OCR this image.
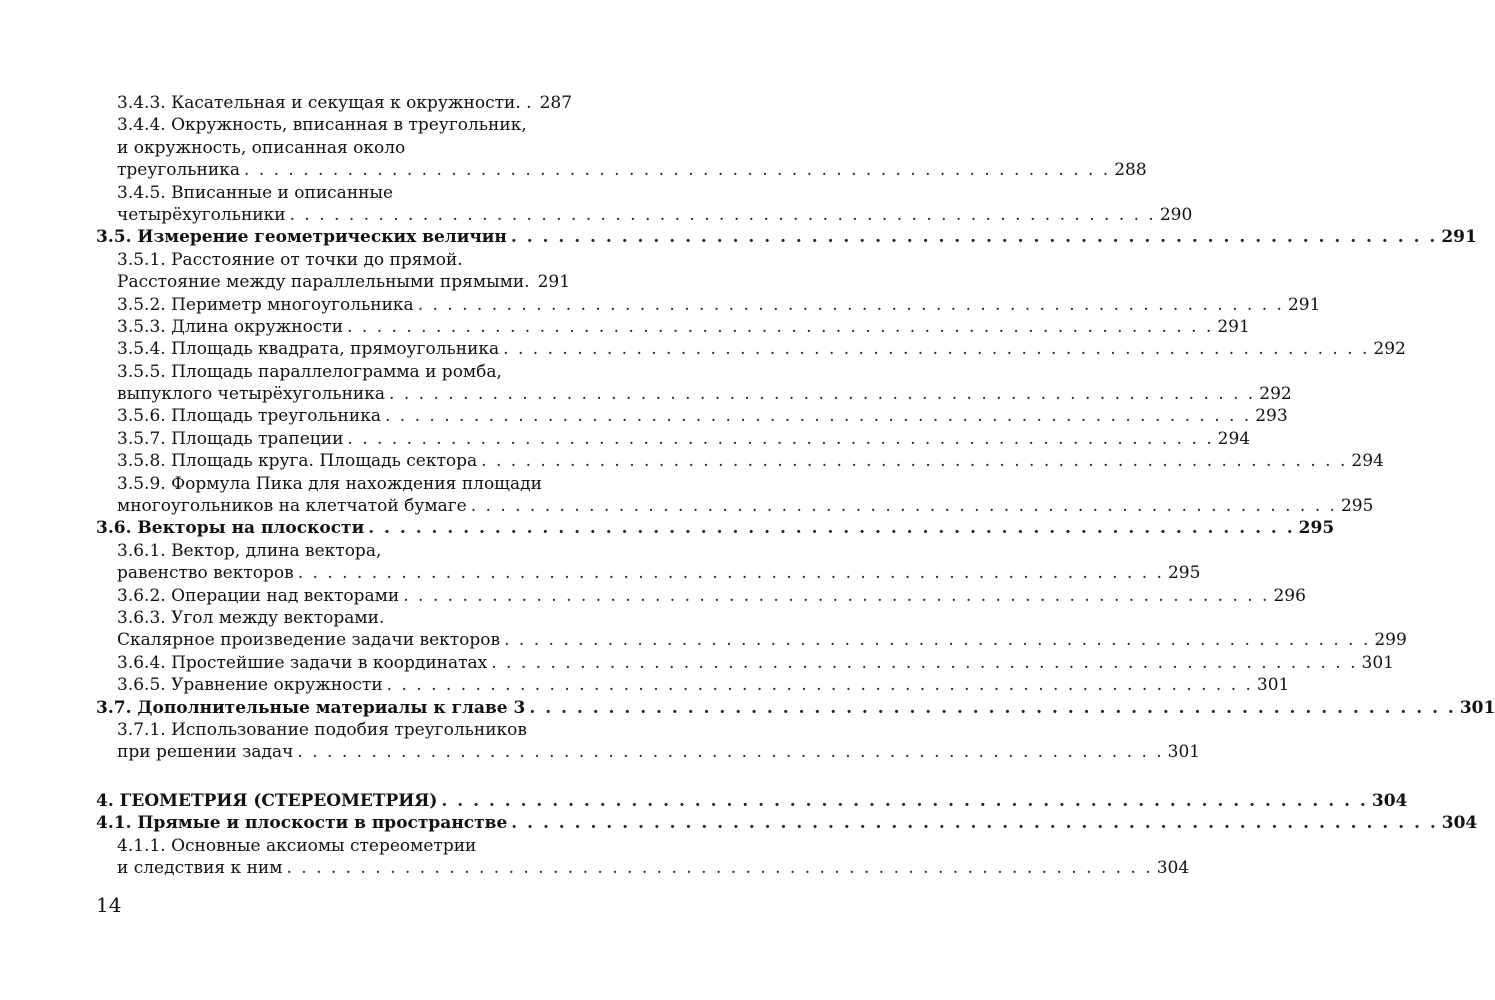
3.4.3. Касательная и секущая к окружности. . 287
3.4.4. Окружность, вписанная в треугольник,
и окружность, описанная около
треугольника . . .	288
3.4.5. Вписанные и описанные
четырёхугольники . . .	290
3.5. Измерение геометрических величин . . .	291
3.5.1. Расстояние от точки до прямой.
Расстояние между параллельными прямыми. 291
3.5.2. Периметр многоугольника . . .	291
3.5.3. Длина окружности . . .	291
3.5.4. Площадь квадрата, прямоугольника . . .	292
3.5.5. Площадь параллелограмма и ромба,
выпуклого четырёхугольника . . .	292
3.5.6. Площадь треугольника . . .	293
3.5.7. Площадь трапеции . . .	294
3.5.8. Площадь круга. Площадь сектора . . .	294
3.5.9. Формула Пика для нахождения площади
многоугольников на клетчатой бумаге . . .	295
3.6. Векторы на плоскости . . .	295
3.6.1. Вектор, длина вектора,
равенство векторов . . .	295
3.6.2. Операции над векторами . . .	296
3.6.3. Угол между векторами.
Скалярное произведение задачи векторов . . .	299
3.6.4. Простейшие задачи в координатах . . .	301
3.6.5. Уравнение окружности . . .	301
3.7. Дополнительные материалы к главе 3 . . .	301
3.7.1. Использование подобия треугольников
при решении задач . . .	301
4. ГЕОМЕТРИЯ (СТЕРЕОМЕТРИЯ) . . .	304
4.1. Прямые и плоскости в пространстве . . .	304
4.1.1. Основные аксиомы стереометрии
и следствия к ним . . .	304
14
